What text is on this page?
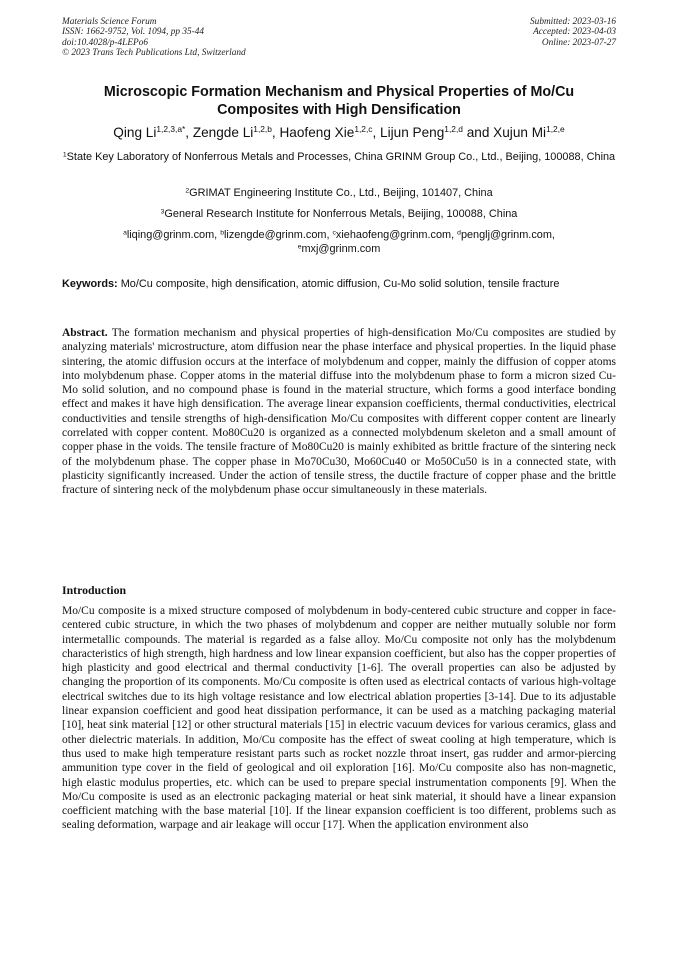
Materials Science Forum
ISSN: 1662-9752, Vol. 1094, pp 35-44
doi:10.4028/p-4LEPo6
© 2023 Trans Tech Publications Ltd, Switzerland
Submitted: 2023-03-16
Accepted: 2023-04-03
Online: 2023-07-27
Microscopic Formation Mechanism and Physical Properties of Mo/Cu Composites with High Densification
Qing $Li^{1,2,3,a*}$, Zengde Li$^{1,2,b}$, Haofeng Xie$^{1,2,c}$, Lijun Peng$^{1,2,d}$ and Xujun Mi$^{1,2,e}$
$^1$State Key Laboratory of Nonferrous Metals and Processes, China GRINM Group Co., Ltd., Beijing, 100088, China
$^2$GRIMAT Engineering Institute Co., Ltd., Beijing, 101407, China
$^3$General Research Institute for Nonferrous Metals, Beijing, 100088, China
$^a$liqing@grinm.com, $^b$lizengde@grinm.com, $^c$xiehaofeng@grinm.com, $^d$penglj@grinm.com,
$^e$mxj@grinm.com
Keywords: Mo/Cu composite, high densification, atomic diffusion, Cu-Mo solid solution, tensile fracture
Abstract. The formation mechanism and physical properties of high-densification Mo/Cu composites are studied by analyzing materials' microstructure, atom diffusion near the phase interface and physical properties. In the liquid phase sintering, the atomic diffusion occurs at the interface of molybdenum and copper, mainly the diffusion of copper atoms into molybdenum phase. Copper atoms in the material diffuse into the molybdenum phase to form a micron sized Cu-Mo solid solution, and no compound phase is found in the material structure, which forms a good interface bonding effect and makes it have high densification. The average linear expansion coefficients, thermal conductivities, electrical conductivities and tensile strengths of high-densification Mo/Cu composites with different copper content are linearly correlated with copper content. Mo80Cu20 is organized as a connected molybdenum skeleton and a small amount of copper phase in the voids. The tensile fracture of Mo80Cu20 is mainly exhibited as brittle fracture of the sintering neck of the molybdenum phase. The copper phase in Mo70Cu30, Mo60Cu40 or Mo50Cu50 is in a connected state, with plasticity significantly increased. Under the action of tensile stress, the ductile fracture of copper phase and the brittle fracture of sintering neck of the molybdenum phase occur simultaneously in these materials.
Introduction
Mo/Cu composite is a mixed structure composed of molybdenum in body-centered cubic structure and copper in face-centered cubic structure, in which the two phases of molybdenum and copper are neither mutually soluble nor form intermetallic compounds. The material is regarded as a false alloy. Mo/Cu composite not only has the molybdenum characteristics of high strength, high hardness and low linear expansion coefficient, but also has the copper properties of high plasticity and good electrical and thermal conductivity [1-6]. The overall properties can also be adjusted by changing the proportion of its components. Mo/Cu composite is often used as electrical contacts of various high-voltage electrical switches due to its high voltage resistance and low electrical ablation properties [3-14]. Due to its adjustable linear expansion coefficient and good heat dissipation performance, it can be used as a matching packaging material [10], heat sink material [12] or other structural materials [15] in electric vacuum devices for various ceramics, glass and other dielectric materials. In addition, Mo/Cu composite has the effect of sweat cooling at high temperature, which is thus used to make high temperature resistant parts such as rocket nozzle throat insert, gas rudder and armor-piercing ammunition type cover in the field of geological and oil exploration [16]. Mo/Cu composite also has non-magnetic, high elastic modulus properties, etc. which can be used to prepare special instrumentation components [9]. When the Mo/Cu composite is used as an electronic packaging material or heat sink material, it should have a linear expansion coefficient matching with the base material [10]. If the linear expansion coefficient is too different, problems such as sealing deformation, warpage and air leakage will occur [17]. When the application environment also
